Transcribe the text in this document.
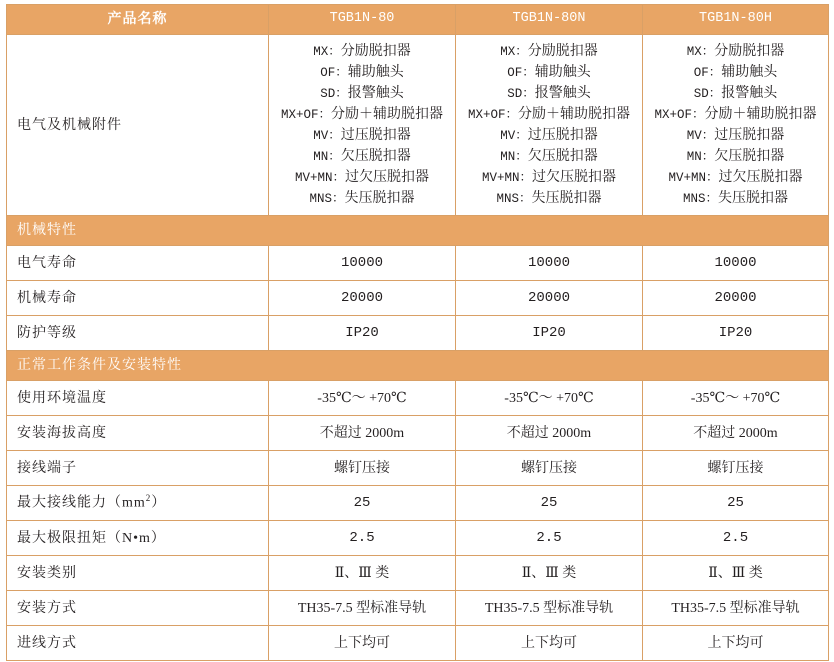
产品名称	TGB1N-80	TGB1N-80N	TGB1N-80H
电气及机械附件	
MX：分励脱扣器
OF：辅助触头
SD：报警触头
MX+OF：分励＋辅助脱扣器
MV：过压脱扣器
MN：欠压脱扣器
MV+MN：过欠压脱扣器
MNS：失压脱扣器

MX：分励脱扣器
OF：辅助触头
SD：报警触头
MX+OF：分励＋辅助脱扣器
MV：过压脱扣器
MN：欠压脱扣器
MV+MN：过欠压脱扣器
MNS：失压脱扣器

MX：分励脱扣器
OF：辅助触头
SD：报警触头
MX+OF：分励＋辅助脱扣器
MV：过压脱扣器
MN：欠压脱扣器
MV+MN：过欠压脱扣器
MNS：失压脱扣器

机械特性			
电气寿命	10000	10000	10000
机械寿命	20000	20000	20000
防护等级	IP20	IP20	IP20
正常工作条件及安装特性			
使用环境温度	-35℃～ +70℃	-35℃～ +70℃	-35℃～ +70℃
安装海拔高度	不超过 2000m	不超过 2000m	不超过 2000m
接线端子	螺钉压接	螺钉压接	螺钉压接
最大接线能力$(mm^2)$	25	25	25
最大极限扭矩（N•m）	2.5	2.5	2.5
安装类别	Ⅱ、Ⅲ 类	Ⅱ、Ⅲ 类	Ⅱ、Ⅲ 类
安装方式	TH35-7.5 型标准导轨	TH35-7.5 型标准导轨	TH35-7.5 型标准导轨
进线方式	上下均可	上下均可	上下均可
